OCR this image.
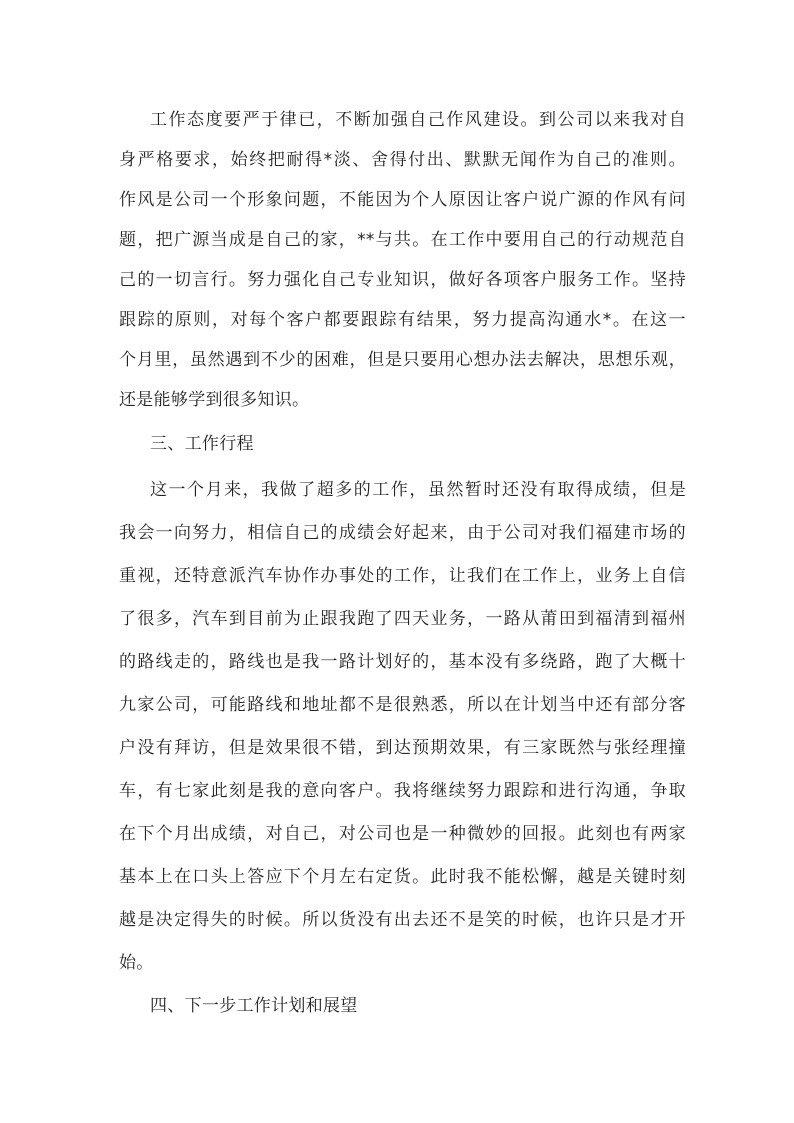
工作态度要严于律已，不断加强自己作风建设。到公司以来我对自
身严格要求，始终把耐得*淡、舍得付出、默默无闻作为自己的准则。
作风是公司一个形象问题，不能因为个人原因让客户说广源的作风有问
题，把广源当成是自己的家，**与共。在工作中要用自己的行动规范自
己的一切言行。努力强化自己专业知识，做好各项客户服务工作。坚持
跟踪的原则，对每个客户都要跟踪有结果，努力提高沟通水*。在这一
个月里，虽然遇到不少的困难，但是只要用心想办法去解决，思想乐观，
还是能够学到很多知识。
三、工作行程
这一个月来，我做了超多的工作，虽然暂时还没有取得成绩，但是
我会一向努力，相信自己的成绩会好起来，由于公司对我们福建市场的
重视，还特意派汽车协作办事处的工作，让我们在工作上，业务上自信
了很多，汽车到目前为止跟我跑了四天业务，一路从莆田到福清到福州
的路线走的，路线也是我一路计划好的，基本没有多绕路，跑了大概十
九家公司，可能路线和地址都不是很熟悉，所以在计划当中还有部分客
户没有拜访，但是效果很不错，到达预期效果，有三家既然与张经理撞
车，有七家此刻是我的意向客户。我将继续努力跟踪和进行沟通，争取
在下个月出成绩，对自己，对公司也是一种微妙的回报。此刻也有两家
基本上在口头上答应下个月左右定货。此时我不能松懈，越是关键时刻
越是决定得失的时候。所以货没有出去还不是笑的时候，也许只是才开
始。
四、下一步工作计划和展望
